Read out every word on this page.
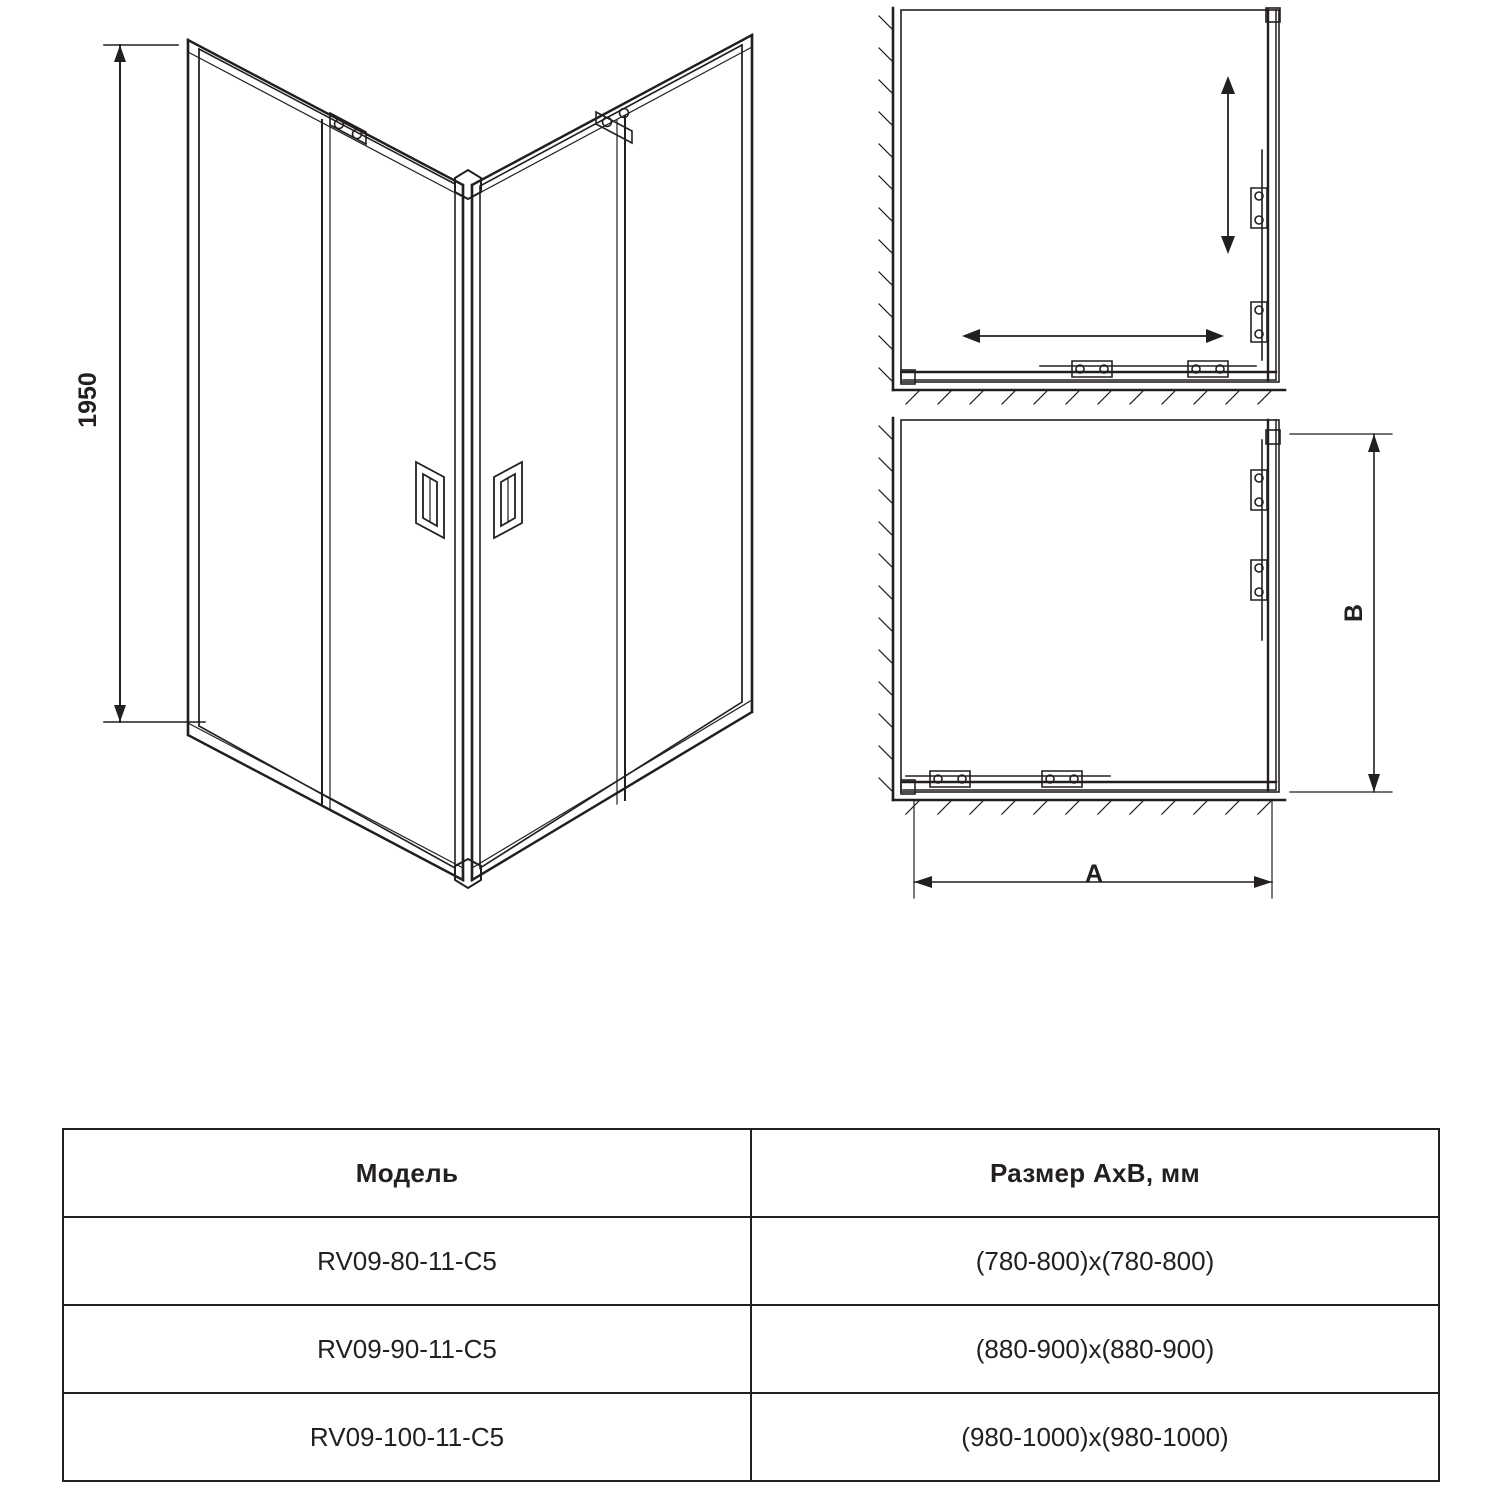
1950
B
A
Модель	Размер АхВ, мм
RV09-80-11-C5	(780-800)х(780-800)
RV09-90-11-C5	(880-900)х(880-900)
RV09-100-11-C5	(980-1000)х(980-1000)
